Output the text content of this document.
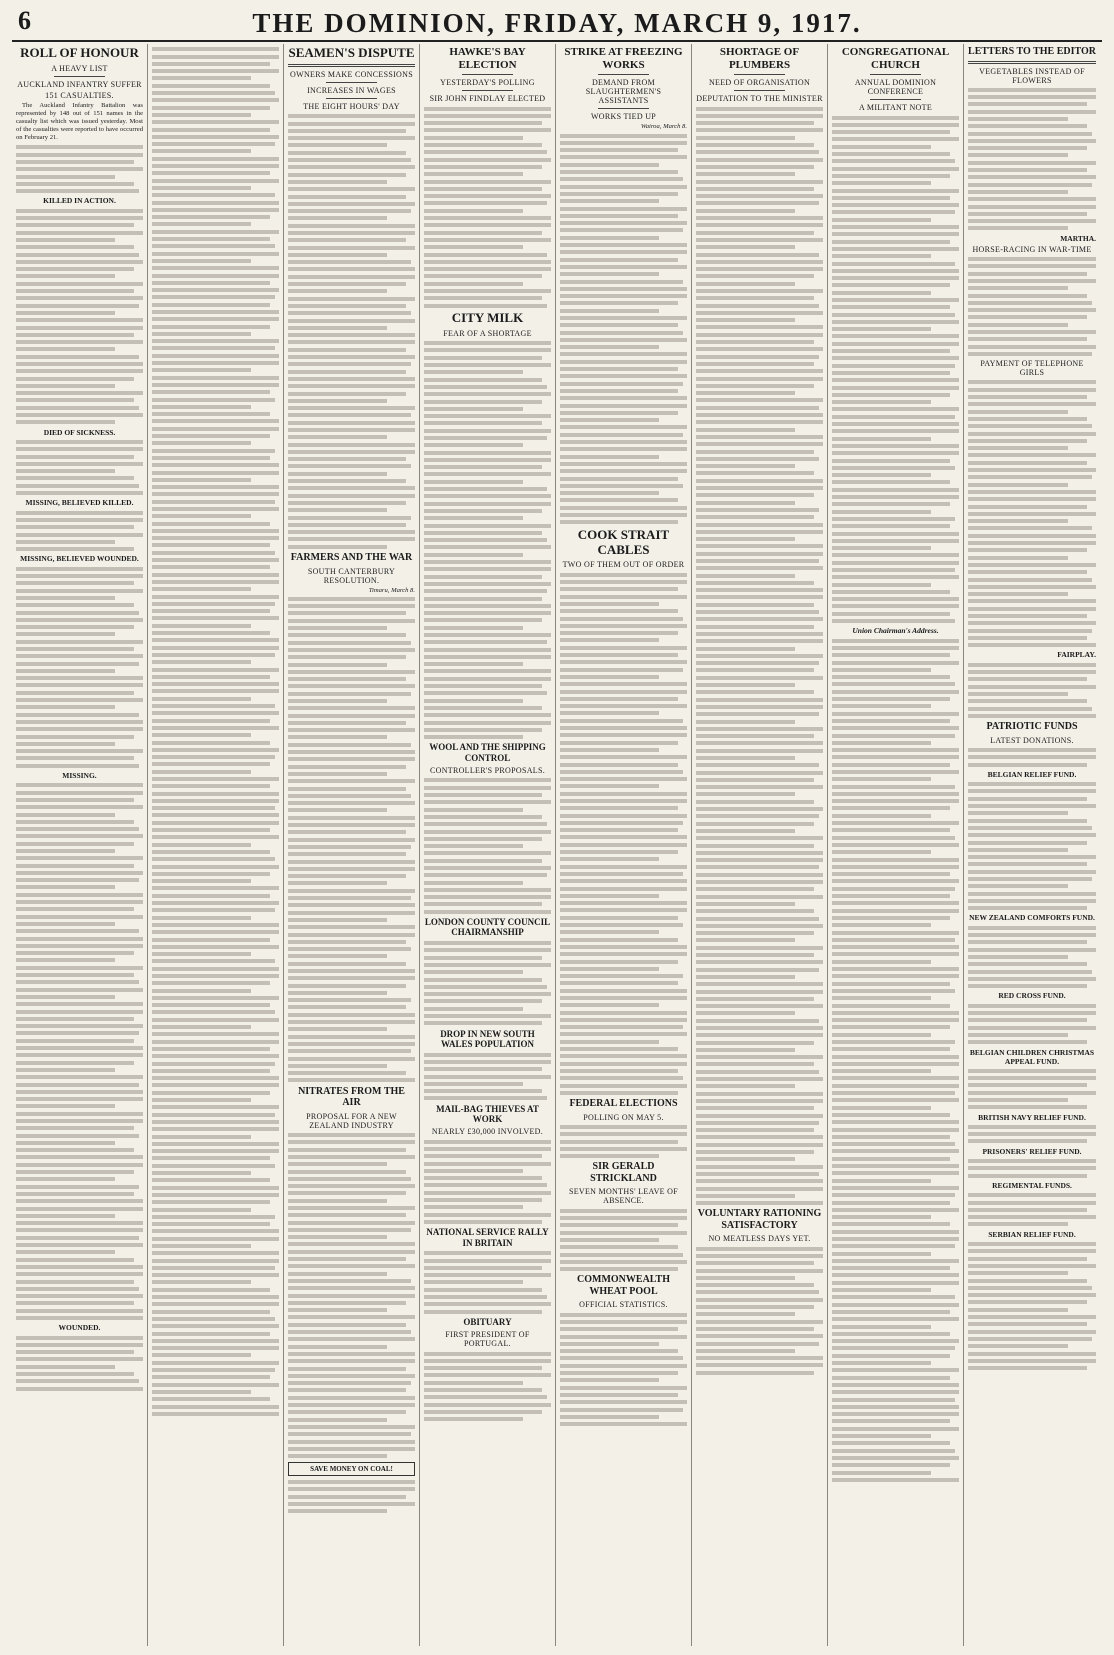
6	THE DOMINION, FRIDAY, MARCH 9, 1917.
ROLL OF HONOUR
A HEAVY LIST
AUCKLAND INFANTRY SUFFER
151 CASUALTIES.

The Auckland Infantry Battalion was represented by 148 out of 151 names in the casualty list which was issued yesterday. Most of the casualties were reported to have occurred on February 21.

KILLED IN ACTION.
DIED OF SICKNESS.
MISSING, BELIEVED KILLED.
MISSING, BELIEVED WOUNDED.
MISSING.
WOUNDED.
SEAMEN'S DISPUTE
OWNERS MAKE CONCESSIONS
INCREASES IN WAGES
THE EIGHT HOURS' DAY
FARMERS AND THE WAR
SOUTH CANTERBURY RESOLUTION.
Timaru, March 8.
NITRATES FROM THE AIR
PROPOSAL FOR A NEW ZEALAND INDUSTRY
SAVE MONEY ON COAL!
HAWKE'S BAY ELECTION
YESTERDAY'S POLLING
SIR JOHN FINDLAY ELECTED
CITY MILK
FEAR OF A SHORTAGE
WOOL AND THE SHIPPING CONTROL
CONTROLLER'S PROPOSALS.
LONDON COUNTY COUNCIL CHAIRMANSHIP
DROP IN NEW SOUTH WALES POPULATION
MAIL-BAG THIEVES AT WORK
NEARLY £30,000 INVOLVED.
NATIONAL SERVICE RALLY IN BRITAIN
OBITUARY
FIRST PRESIDENT OF PORTUGAL.
STRIKE AT FREEZING WORKS
DEMAND FROM SLAUGHTERMEN'S ASSISTANTS
WORKS TIED UP
Wairoa, March 8.
COOK STRAIT CABLES
TWO OF THEM OUT OF ORDER
FEDERAL ELECTIONS
POLLING ON MAY 5.
SIR GERALD STRICKLAND
SEVEN MONTHS' LEAVE OF ABSENCE.
COMMONWEALTH WHEAT POOL
OFFICIAL STATISTICS.
SHORTAGE OF PLUMBERS
NEED OF ORGANISATION
DEPUTATION TO THE MINISTER
VOLUNTARY RATIONING SATISFACTORY
NO MEATLESS DAYS YET.
CONGREGATIONAL CHURCH
ANNUAL DOMINION CONFERENCE
A MILITANT NOTE
Union Chairman's Address.
LETTERS TO THE EDITOR
VEGETABLES INSTEAD OF FLOWERS
MARTHA.
HORSE-RACING IN WAR-TIME
PAYMENT OF TELEPHONE GIRLS
FAIRPLAY.
PATRIOTIC FUNDS
LATEST DONATIONS.
BELGIAN RELIEF FUND.
NEW ZEALAND COMFORTS FUND.
RED CROSS FUND.
BELGIAN CHILDREN CHRISTMAS APPEAL FUND.
BRITISH NAVY RELIEF FUND.
PRISONERS' RELIEF FUND.
REGIMENTAL FUNDS.
SERBIAN RELIEF FUND.
